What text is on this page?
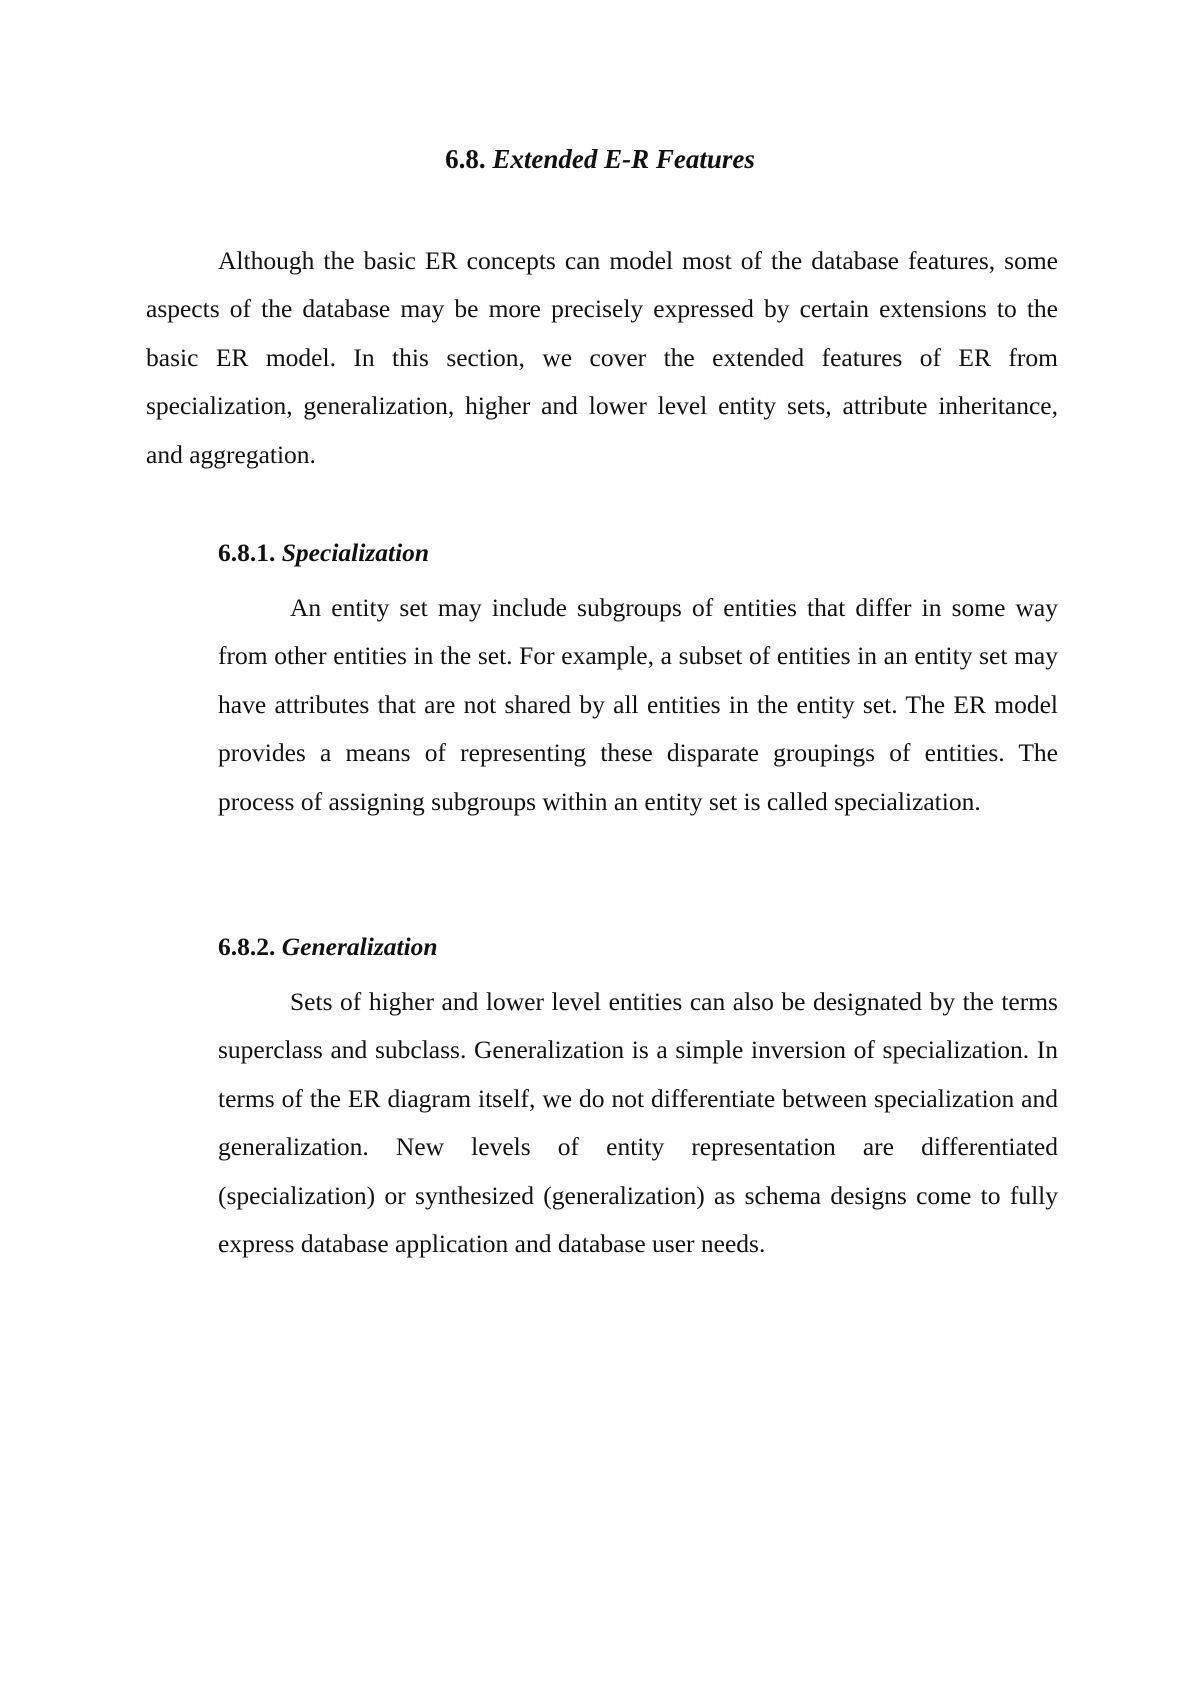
6.8. Extended E-R Features

Although the basic ER concepts can model most of the database features, some aspects of the database may be more precisely expressed by certain extensions to the basic ER model. In this section, we cover the extended features of ER from specialization, generalization, higher and lower level entity sets, attribute inheritance, and aggregation.

6.8.1. Specialization

An entity set may include subgroups of entities that differ in some way from other entities in the set. For example, a subset of entities in an entity set may have attributes that are not shared by all entities in the entity set. The ER model provides a means of representing these disparate groupings of entities. The process of assigning subgroups within an entity set is called specialization.

6.8.2. Generalization

Sets of higher and lower level entities can also be designated by the terms superclass and subclass. Generalization is a simple inversion of specialization. In terms of the ER diagram itself, we do not differentiate between specialization and generalization. New levels of entity representation are differentiated (specialization) or synthesized (generalization) as schema designs come to fully express database application and database user needs.
